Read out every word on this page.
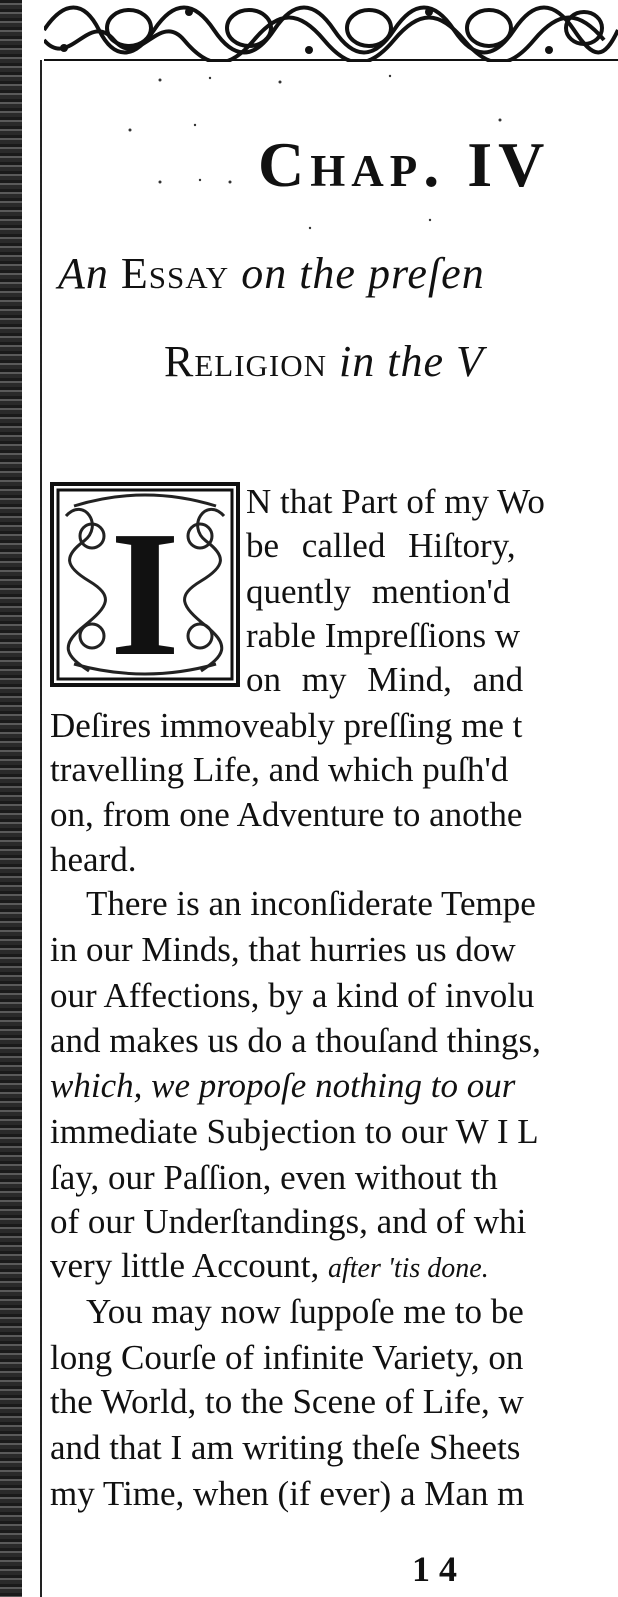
Chap. IV
An Essay on the preſen
Religion in the V
I N that Part of my Wo
be called Hiſtory,
quently mention'd
rable Impreſſions w
on my Mind, and
Deſires immoveably preſſing me t
travelling Life, and which puſh'd
on, from one Adventure to anothe
heard.
There is an inconſiderate Tempe
in our Minds, that hurries us dow
our Affections, by a kind of involu
and makes us do a thouſand things,
which, we propoſe nothing to our
immediate Subjection to our W I L
ſay, our Paſſion, even without th
of our Underſtandings, and of whi
very little Account, after 'tis done.
You may now ſuppoſe me to be
long Courſe of infinite Variety, on
the World, to the Scene of Life, w
and that I am writing theſe Sheets
my Time, when (if ever) a Man m
1 4
